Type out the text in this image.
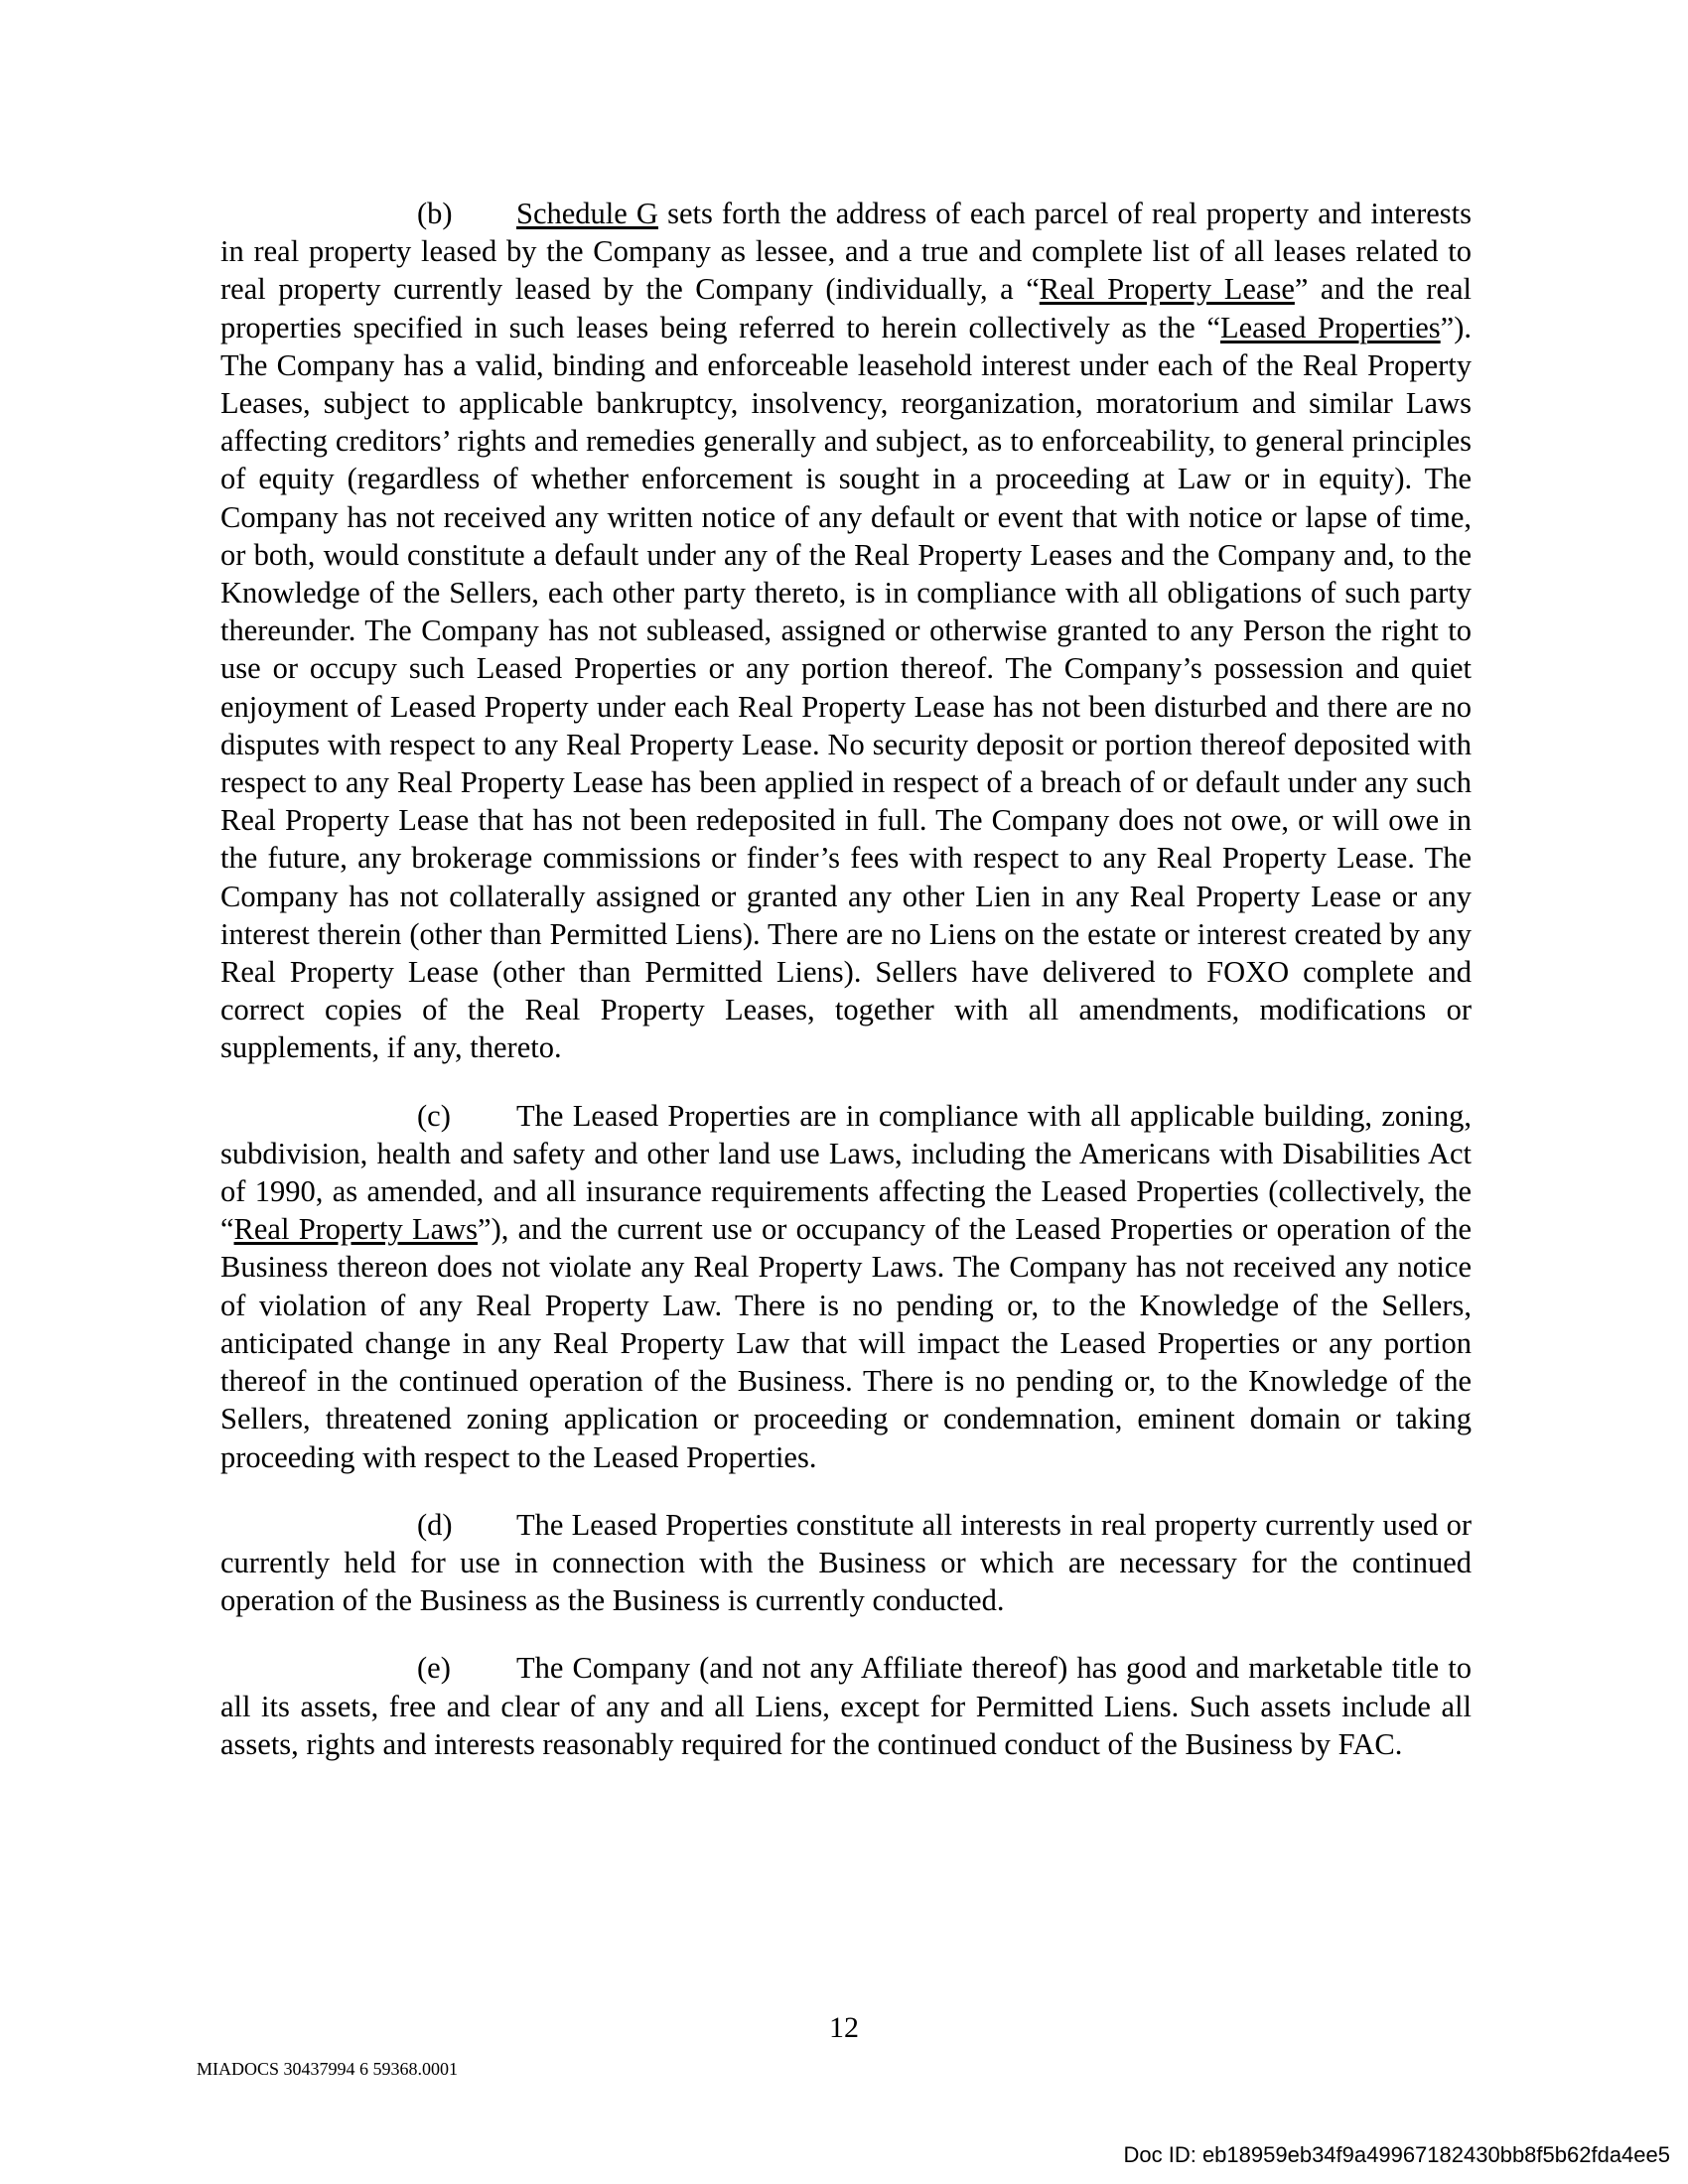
(b) Schedule G sets forth the address of each parcel of real property and interests in real property leased by the Company as lessee, and a true and complete list of all leases related to real property currently leased by the Company (individually, a “Real Property Lease” and the real properties specified in such leases being referred to herein collectively as the “Leased Properties”). The Company has a valid, binding and enforceable leasehold interest under each of the Real Property Leases, subject to applicable bankruptcy, insolvency, reorganization, moratorium and similar Laws affecting creditors’ rights and remedies generally and subject, as to enforceability, to general principles of equity (regardless of whether enforcement is sought in a proceeding at Law or in equity). The Company has not received any written notice of any default or event that with notice or lapse of time, or both, would constitute a default under any of the Real Property Leases and the Company and, to the Knowledge of the Sellers, each other party thereto, is in compliance with all obligations of such party thereunder. The Company has not subleased, assigned or otherwise granted to any Person the right to use or occupy such Leased Properties or any portion thereof. The Company’s possession and quiet enjoyment of Leased Property under each Real Property Lease has not been disturbed and there are no disputes with respect to any Real Property Lease. No security deposit or portion thereof deposited with respect to any Real Property Lease has been applied in respect of a breach of or default under any such Real Property Lease that has not been redeposited in full. The Company does not owe, or will owe in the future, any brokerage commissions or finder’s fees with respect to any Real Property Lease. The Company has not collaterally assigned or granted any other Lien in any Real Property Lease or any interest therein (other than Permitted Liens). There are no Liens on the estate or interest created by any Real Property Lease (other than Permitted Liens). Sellers have delivered to FOXO complete and correct copies of the Real Property Leases, together with all amendments, modifications or supplements, if any, thereto.

(c) The Leased Properties are in compliance with all applicable building, zoning, subdivision, health and safety and other land use Laws, including the Americans with Disabilities Act of 1990, as amended, and all insurance requirements affecting the Leased Properties (collectively, the “Real Property Laws”), and the current use or occupancy of the Leased Properties or operation of the Business thereon does not violate any Real Property Laws. The Company has not received any notice of violation of any Real Property Law. There is no pending or, to the Knowledge of the Sellers, anticipated change in any Real Property Law that will impact the Leased Properties or any portion thereof in the continued operation of the Business. There is no pending or, to the Knowledge of the Sellers, threatened zoning application or proceeding or condemnation, eminent domain or taking proceeding with respect to the Leased Properties.

(d) The Leased Properties constitute all interests in real property currently used or currently held for use in connection with the Business or which are necessary for the continued operation of the Business as the Business is currently conducted.

(e) The Company (and not any Affiliate thereof) has good and marketable title to all its assets, free and clear of any and all Liens, except for Permitted Liens. Such assets include all assets, rights and interests reasonably required for the continued conduct of the Business by FAC.

12
MIADOCS 30437994 6 59368.0001
Doc ID: eb18959eb34f9a49967182430bb8f5b62fda4ee5
